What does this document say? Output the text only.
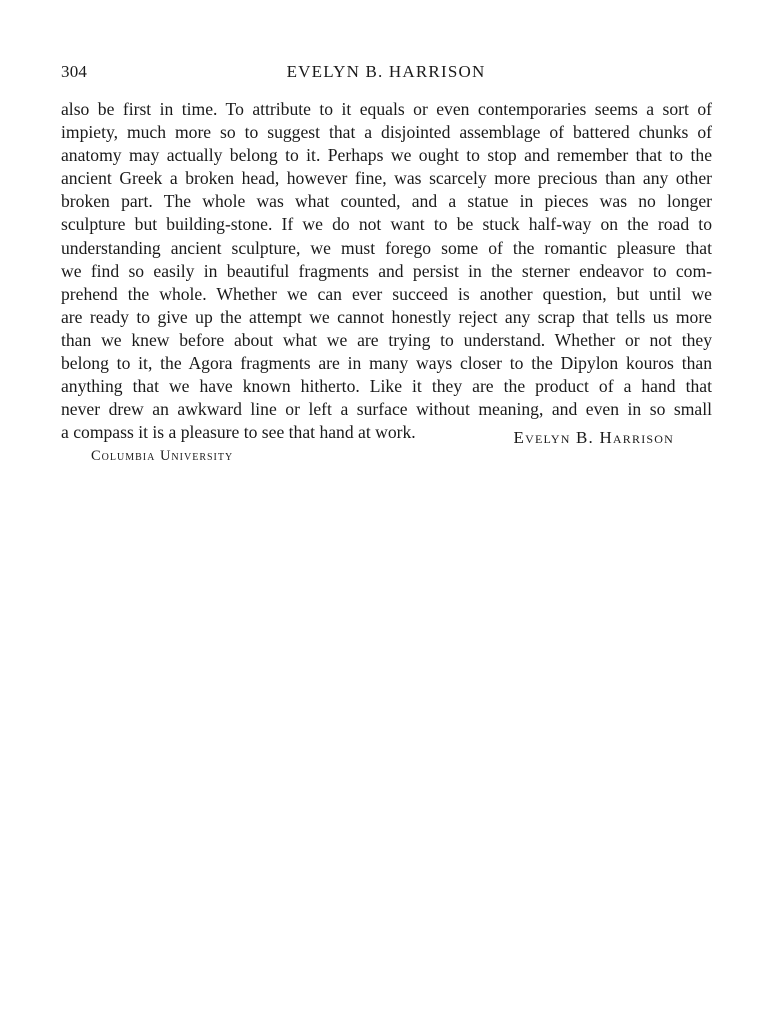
304	EVELYN B. HARRISON
also be first in time. To attribute to it equals or even contemporaries seems a sort of
impiety, much more so to suggest that a disjointed assemblage of battered chunks of
anatomy may actually belong to it. Perhaps we ought to stop and remember that to the
ancient Greek a broken head, however fine, was scarcely more precious than any other
broken part. The whole was what counted, and a statue in pieces was no longer
sculpture but building-stone. If we do not want to be stuck half-way on the road to
understanding ancient sculpture, we must forego some of the romantic pleasure that
we find so easily in beautiful fragments and persist in the sterner endeavor to com-
prehend the whole. Whether we can ever succeed is another question, but until we
are ready to give up the attempt we cannot honestly reject any scrap that tells us more
than we knew before about what we are trying to understand. Whether or not they
belong to it, the Agora fragments are in many ways closer to the Dipylon kouros than
anything that we have known hitherto. Like it they are the product of a hand that
never drew an awkward line or left a surface without meaning, and even in so small
a compass it is a pleasure to see that hand at work.	Evelyn B. Harrison
Columbia University
